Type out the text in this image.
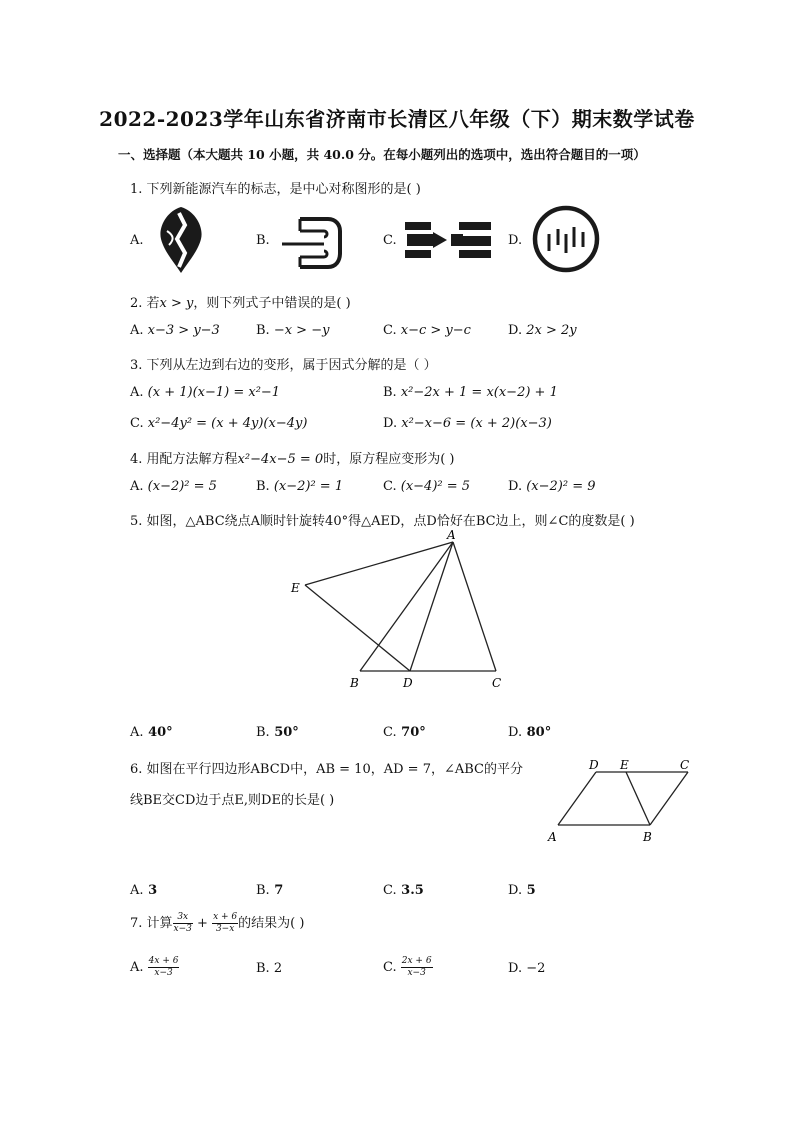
2022-2023学年山东省济南市长清区八年级（下）期末数学试卷
一、选择题（本大题共 10 小题，共 40.0 分。在每小题列出的选项中，选出符合题目的一项）
1. 下列新能源汽车的标志，是中心对称图形的是( )
A.	B.	C.	D.
2. 若x > y，则下列式子中错误的是( )
A. x−3 > y−3	B. −x > −y	C. x−c > y−c	D. 2x > 2y
3. 下列从左边到右边的变形，属于因式分解的是（ ）
A. (x + 1)(x−1) = x²−1	B. x²−2x + 1 = x(x−2) + 1
C. x²−4y² = (x + 4y)(x−4y)	D. x²−x−6 = (x + 2)(x−3)
4. 用配方法解方程x²−4x−5 = 0时，原方程应变形为( )
A. (x−2)² = 5	B. (x−2)² = 1	C. (x−4)² = 5	D. (x−2)² = 9
5. 如图，△ABC绕点A顺时针旋转40°得△AED，点D恰好在BC边上，则∠C的度数是( )
A
E
B	D	C
A. 40°	B. 50°	C. 70°	D. 80°
6. 如图在平行四边形ABCD中，AB = 10，AD = 7，∠ABC的平分
线BE交CD边于点E,则DE的长是( )
D E	C
A	B
A. 3	B. 7	C. 3.5	D. 5
7. 计算 $\frac{3x}{x-3} + \frac{x + 6}{3-x}$ 的结果为( )
A. $\frac{4x + 6}{x-3}$	B. 2	C. $\frac{2x + 6}{x-3}$	D. −2
